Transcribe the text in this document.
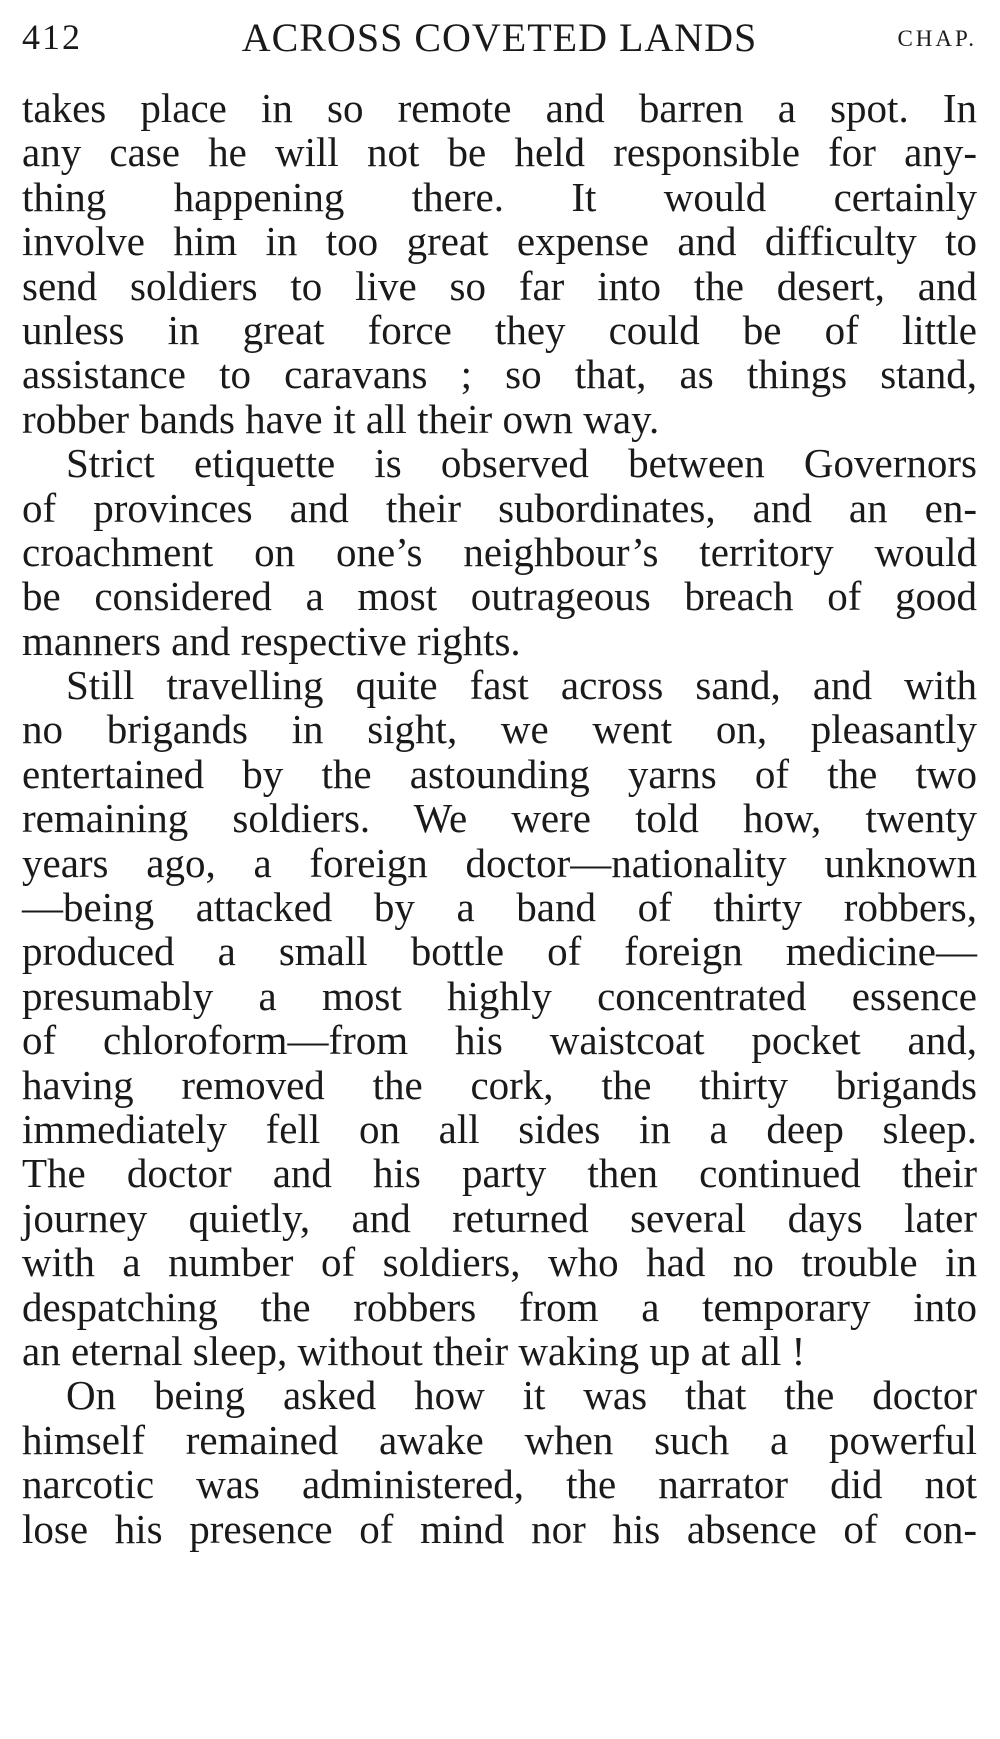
412	ACROSS COVETED LANDS	CHAP.
takes place in so remote and barren a spot. In
any case he will not be held responsible for any-
thing happening there. It would certainly
involve him in too great expense and difficulty to
send soldiers to live so far into the desert, and
unless in great force they could be of little
assistance to caravans ; so that, as things stand,
robber bands have it all their own way.
Strict etiquette is observed between Governors
of provinces and their subordinates, and an en-
croachment on one’s neighbour’s territory would
be considered a most outrageous breach of good
manners and respective rights.
Still travelling quite fast across sand, and with
no brigands in sight, we went on, pleasantly
entertained by the astounding yarns of the two
remaining soldiers. We were told how, twenty
years ago, a foreign doctor—nationality unknown
—being attacked by a band of thirty robbers,
produced a small bottle of foreign medicine—
presumably a most highly concentrated essence
of chloroform—from his waistcoat pocket and,
having removed the cork, the thirty brigands
immediately fell on all sides in a deep sleep.
The doctor and his party then continued their
journey quietly, and returned several days later
with a number of soldiers, who had no trouble in
despatching the robbers from a temporary into
an eternal sleep, without their waking up at all !
On being asked how it was that the doctor
himself remained awake when such a powerful
narcotic was administered, the narrator did not
lose his presence of mind nor his absence of con-
